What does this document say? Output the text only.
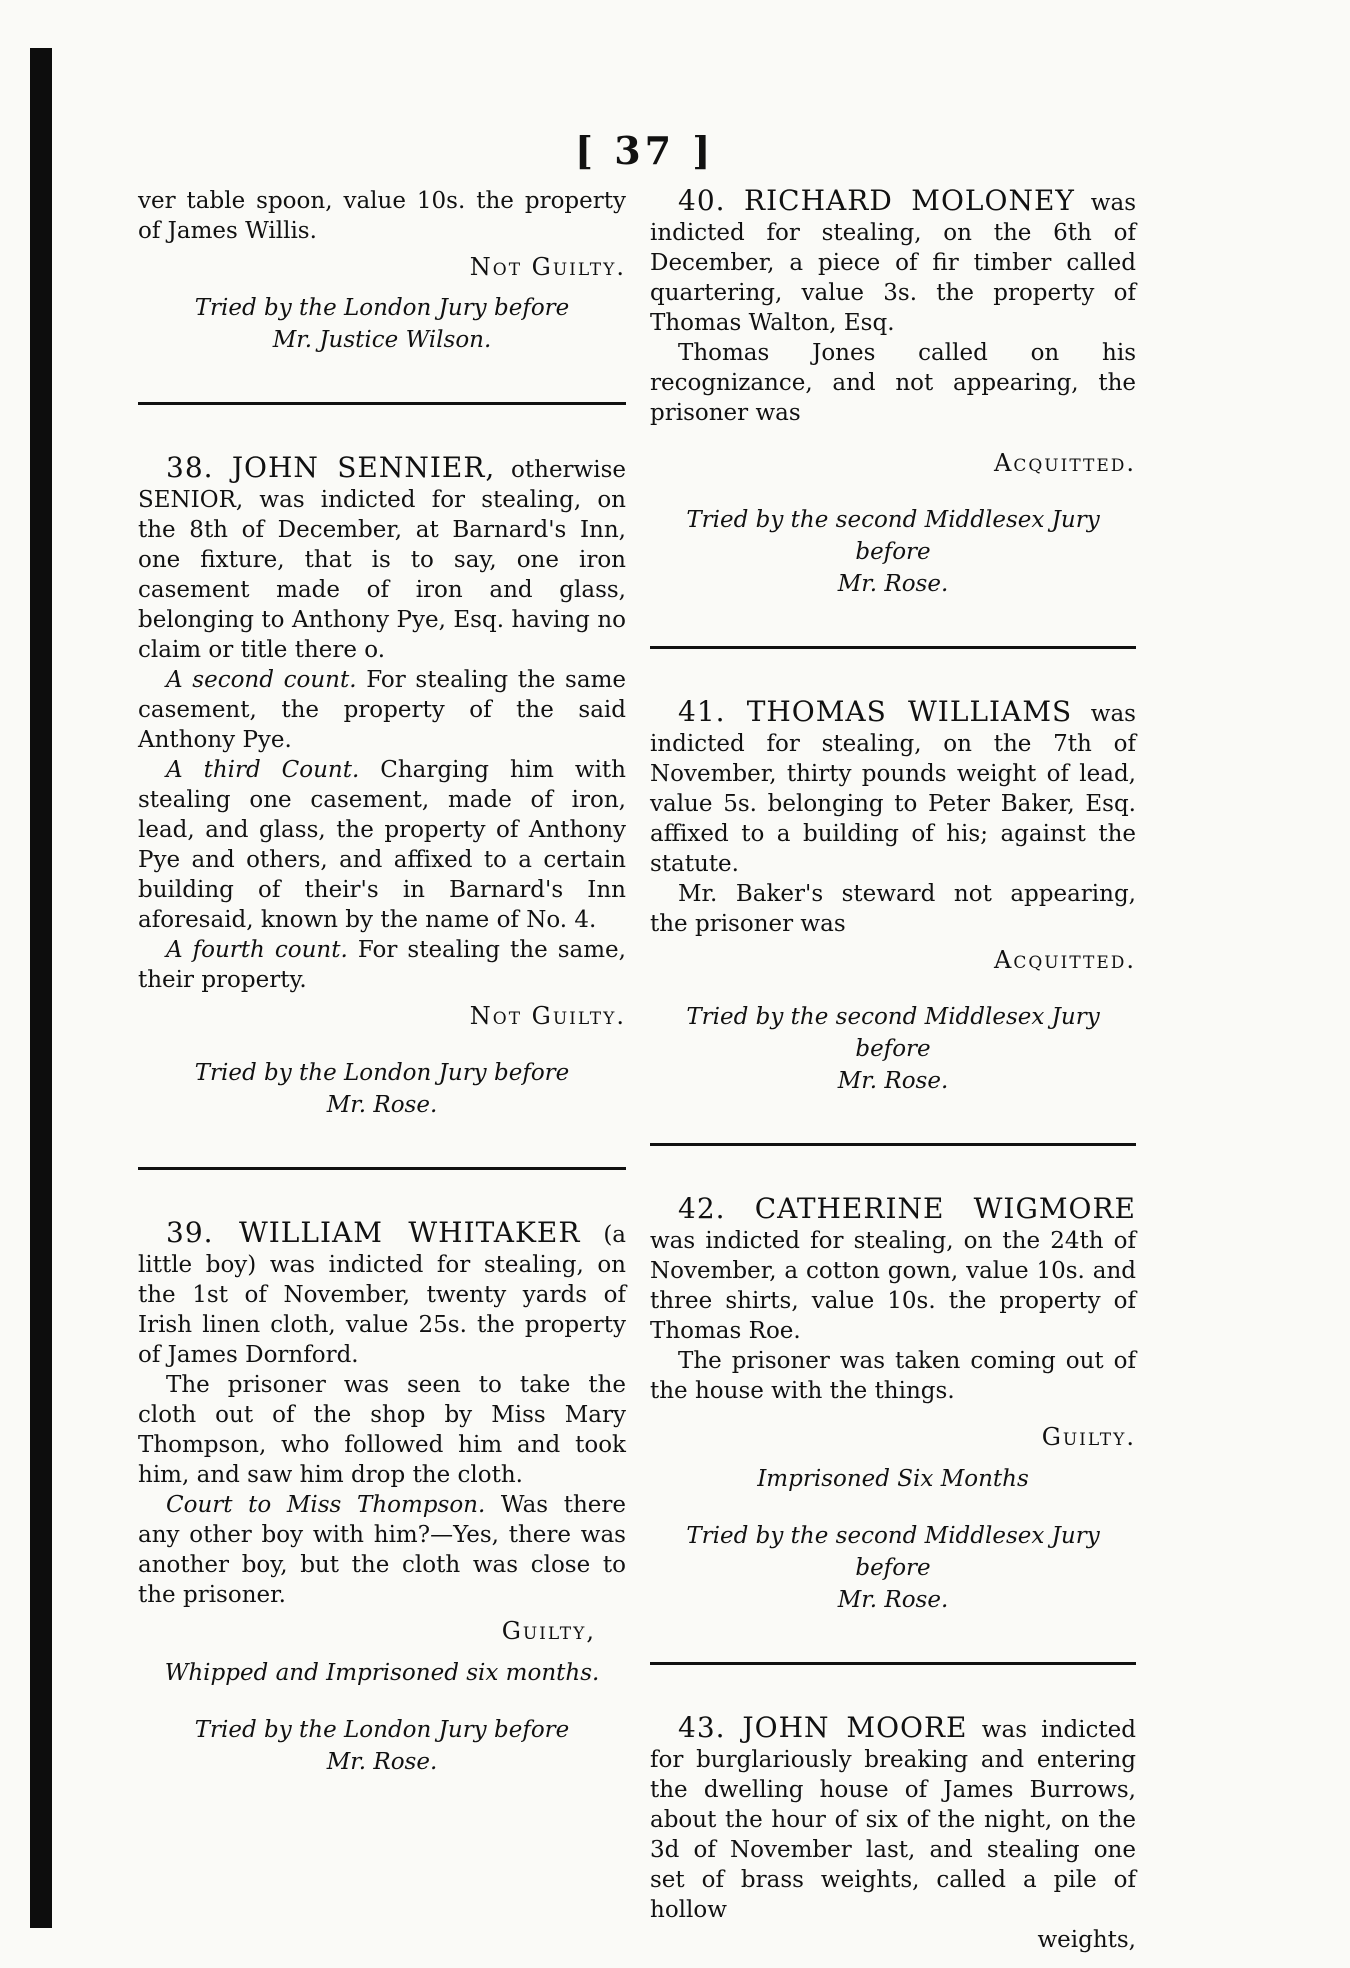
[ 37 ]

ver table spoon, value 10s. the property of James Willis.

Not Guilty.

Tried by the London Jury before
Mr. Justice Wilson.

38. JOHN SENNIER, otherwise SENIOR, was indicted for stealing, on the 8th of December, at Barnard's Inn, one fixture, that is to say, one iron casement made of iron and glass, belonging to Anthony Pye, Esq. having no claim or title there o.

A second count. For stealing the same casement, the property of the said Anthony Pye.

A third Count. Charging him with stealing one casement, made of iron, lead, and glass, the property of Anthony Pye and others, and affixed to a certain building of their's in Barnard's Inn aforesaid, known by the name of No. 4.

A fourth count. For stealing the same, their property.

Not Guilty.

Tried by the London Jury before
Mr. Rose.

39. WILLIAM WHITAKER (a little boy) was indicted for stealing, on the 1st of November, twenty yards of Irish linen cloth, value 25s. the property of James Dornford.

The prisoner was seen to take the cloth out of the shop by Miss Mary Thompson, who followed him and took him, and saw him drop the cloth.

Court to Miss Thompson. Was there any other boy with him?—Yes, there was another boy, but the cloth was close to the prisoner.

Guilty,

Whipped and Imprisoned six months.

Tried by the London Jury before
Mr. Rose.

40. RICHARD MOLONEY was indicted for stealing, on the 6th of December, a piece of fir timber called quartering, value 3s. the property of Thomas Walton, Esq.

Thomas Jones called on his recognizance, and not appearing, the prisoner was

Acquitted.

Tried by the second Middlesex Jury before
Mr. Rose.

41. THOMAS WILLIAMS was indicted for stealing, on the 7th of November, thirty pounds weight of lead, value 5s. belonging to Peter Baker, Esq. affixed to a building of his; against the statute.

Mr. Baker's steward not appearing, the prisoner was

Acquitted.

Tried by the second Middlesex Jury before
Mr. Rose.

42. CATHERINE WIGMORE was indicted for stealing, on the 24th of November, a cotton gown, value 10s. and three shirts, value 10s. the property of Thomas Roe.

The prisoner was taken coming out of the house with the things.

Guilty.

Imprisoned Six Months

Tried by the second Middlesex Jury before
Mr. Rose.

43. JOHN MOORE was indicted for burglariously breaking and entering the dwelling house of James Burrows, about the hour of six of the night, on the 3d of November last, and stealing one set of brass weights, called a pile of hollow

weights,
